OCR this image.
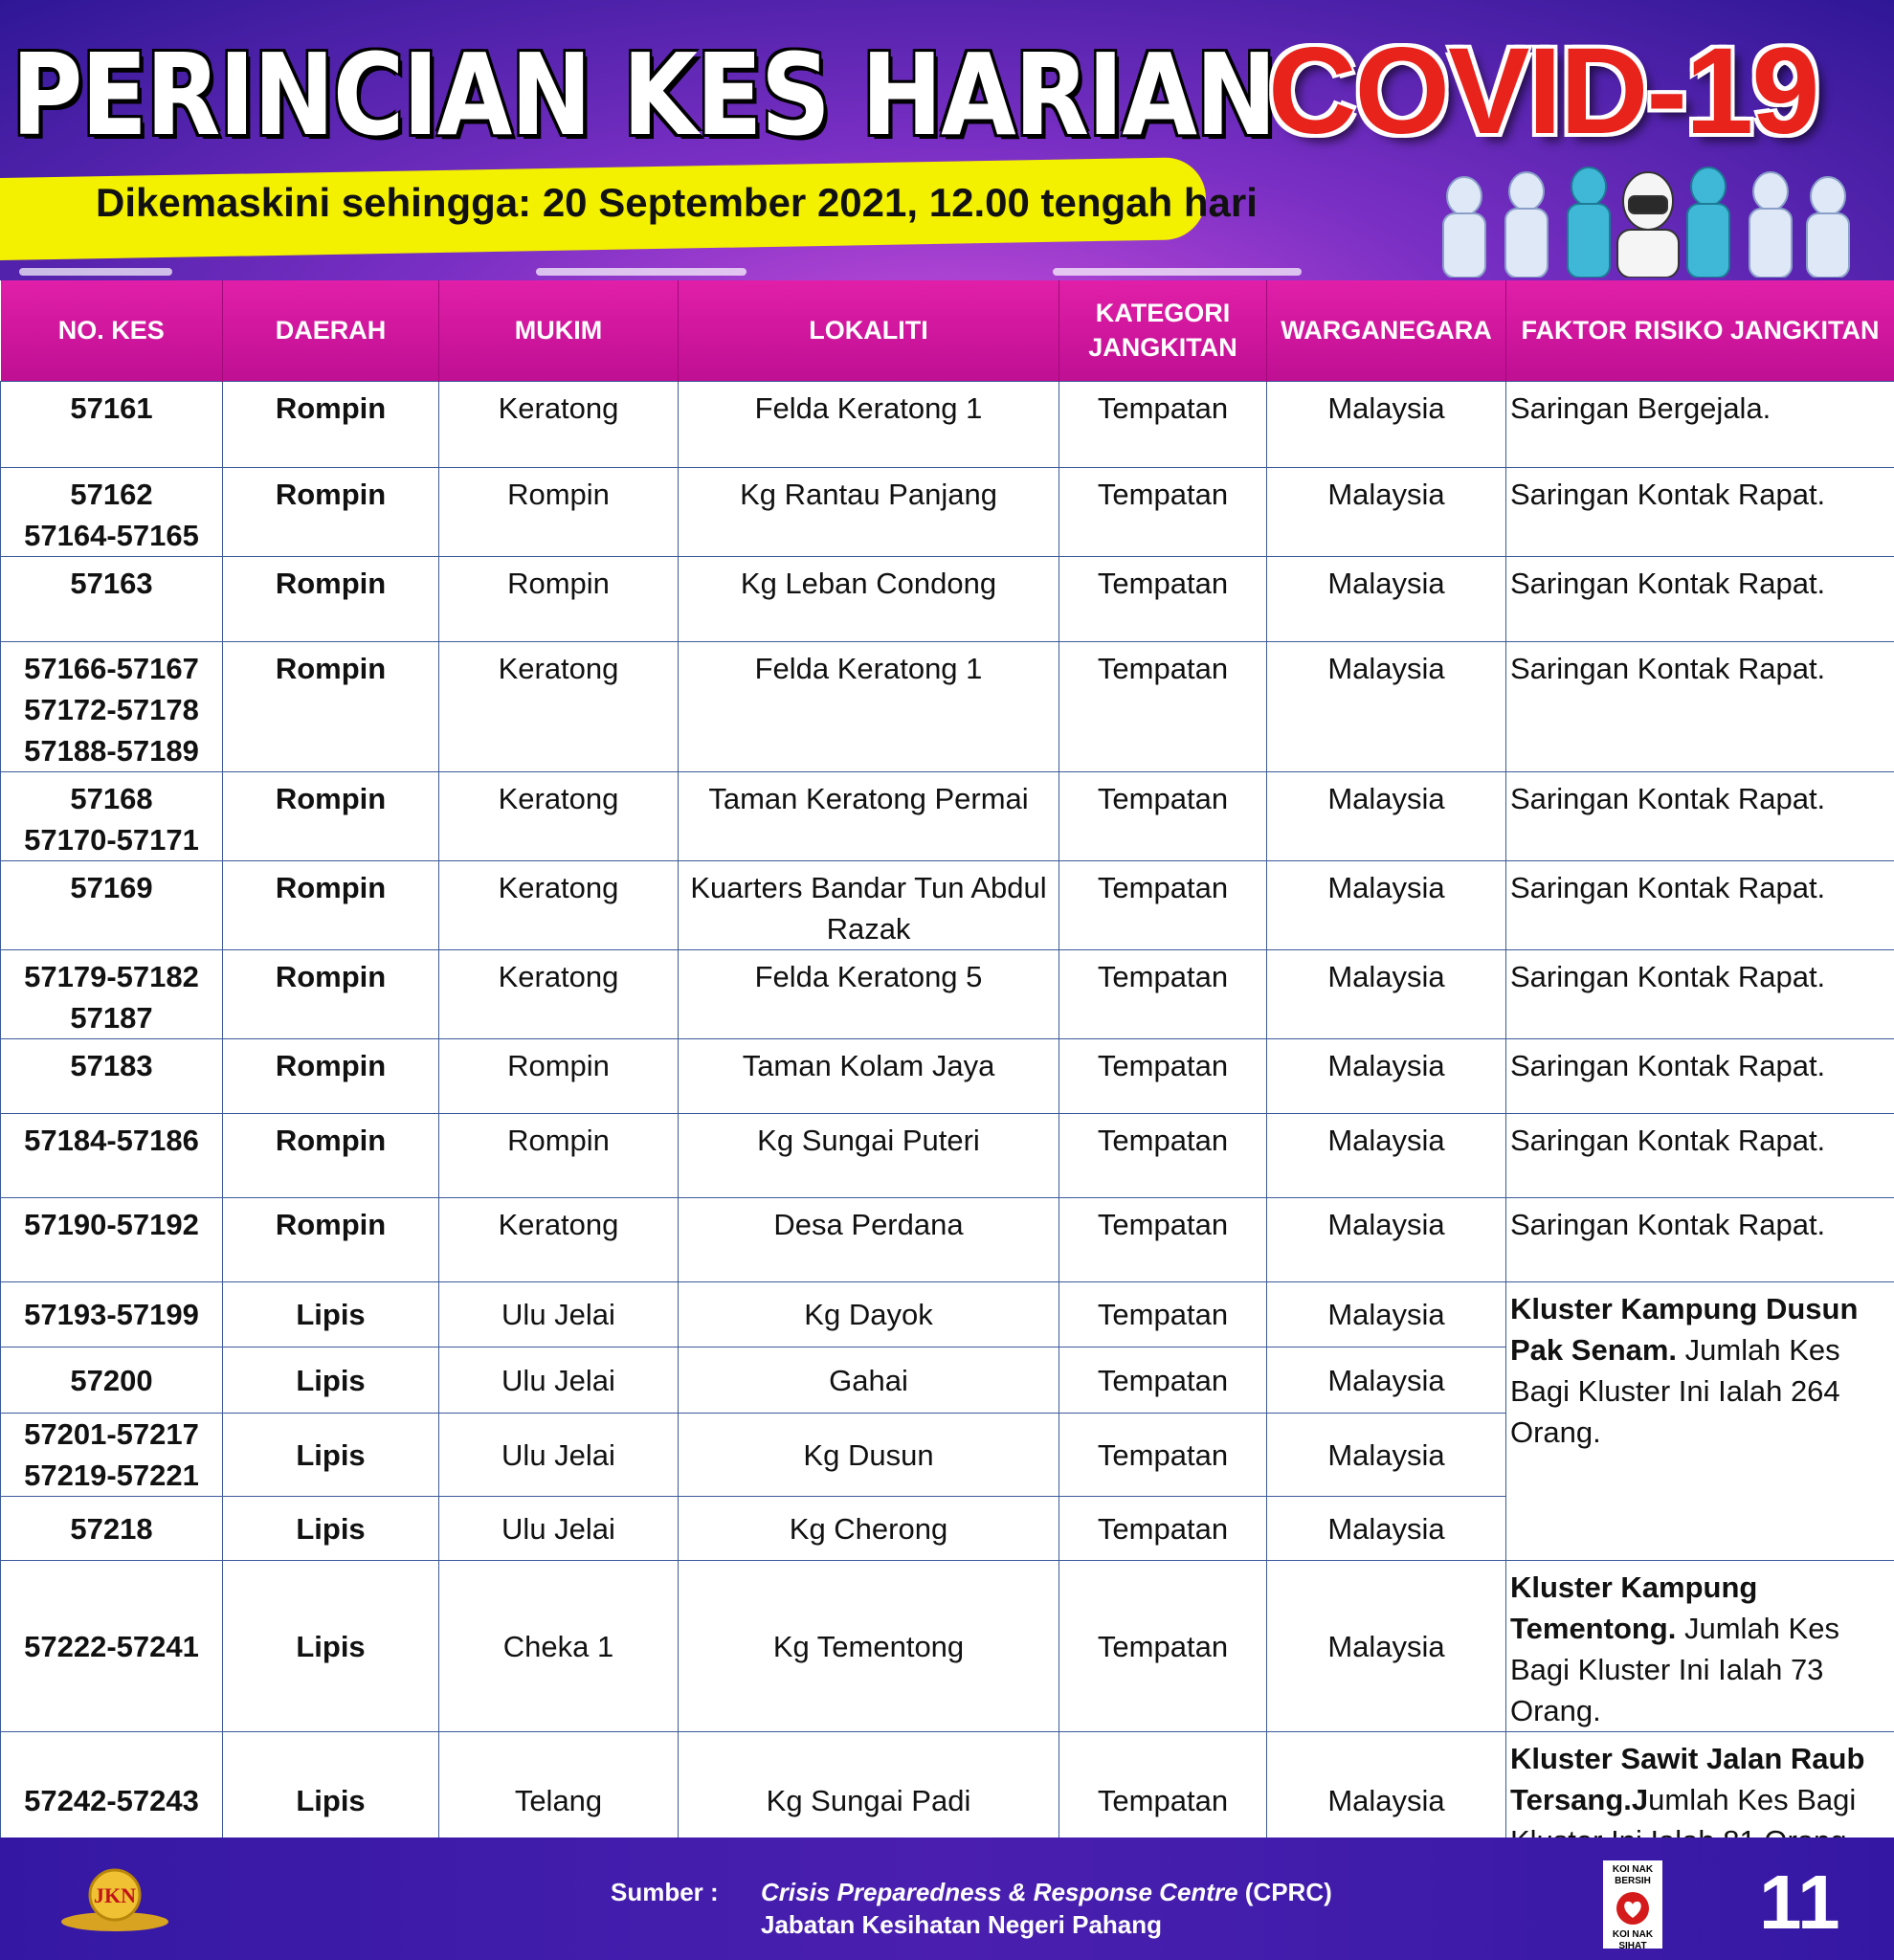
PERINCIAN KES HARIAN
COVID-19
Dikemaskini sehingga: 20 September 2021, 12.00 tengah hari
NO. KES	DAERAH	MUKIM	LOKALITI	KATEGORI JANGKITAN	WARGANEGARA	FAKTOR RISIKO JANGKITAN

57161	Rompin	Keratong	Felda Keratong 1	Tempatan	Malaysia	Saringan Bergejala.

57162
57164-57165	Rompin	Rompin	Kg Rantau Panjang	Tempatan	Malaysia	Saringan Kontak Rapat.

57163	Rompin	Rompin	Kg Leban Condong	Tempatan	Malaysia	Saringan Kontak Rapat.

57166-57167
57172-57178
57188-57189	Rompin	Keratong	Felda Keratong 1	Tempatan	Malaysia	Saringan Kontak Rapat.

57168
57170-57171	Rompin	Keratong	Taman Keratong Permai	Tempatan	Malaysia	Saringan Kontak Rapat.

57169	Rompin	Keratong	Kuarters Bandar Tun Abdul Razak	Tempatan	Malaysia	Saringan Kontak Rapat.

57179-57182
57187	Rompin	Keratong	Felda Keratong 5	Tempatan	Malaysia	Saringan Kontak Rapat.

57183	Rompin	Rompin	Taman Kolam Jaya	Tempatan	Malaysia	Saringan Kontak Rapat.

57184-57186	Rompin	Rompin	Kg Sungai Puteri	Tempatan	Malaysia	Saringan Kontak Rapat.

57190-57192	Rompin	Keratong	Desa Perdana	Tempatan	Malaysia	Saringan Kontak Rapat.

57193-57199	Lipis	Ulu Jelai	Kg Dayok	Tempatan	Malaysia	Kluster Kampung Dusun Pak Senam. Jumlah Kes Bagi Kluster Ini Ialah 264 Orang.

57200	Lipis	Ulu Jelai	Gahai	Tempatan	Malaysia	

57201-57217
57219-57221	Lipis	Ulu Jelai	Kg Dusun	Tempatan	Malaysia	

57218	Lipis	Ulu Jelai	Kg Cherong	Tempatan	Malaysia	

57222-57241	Lipis	Cheka 1	Kg Tementong	Tempatan	Malaysia	Kluster Kampung Tementong. Jumlah Kes Bagi Kluster Ini Ialah 73 Orang.

57242-57243	Lipis	Telang	Kg Sungai Padi	Tempatan	Malaysia	Kluster Sawit Jalan Raub Tersang.Jumlah Kes Bagi
JKN	Sumber : Crisis Preparedness & Response Centre (CPRC)
Jabatan Kesihatan Negeri Pahang
KOI NAK BERSIH
KOI NAK SIHAT
11
